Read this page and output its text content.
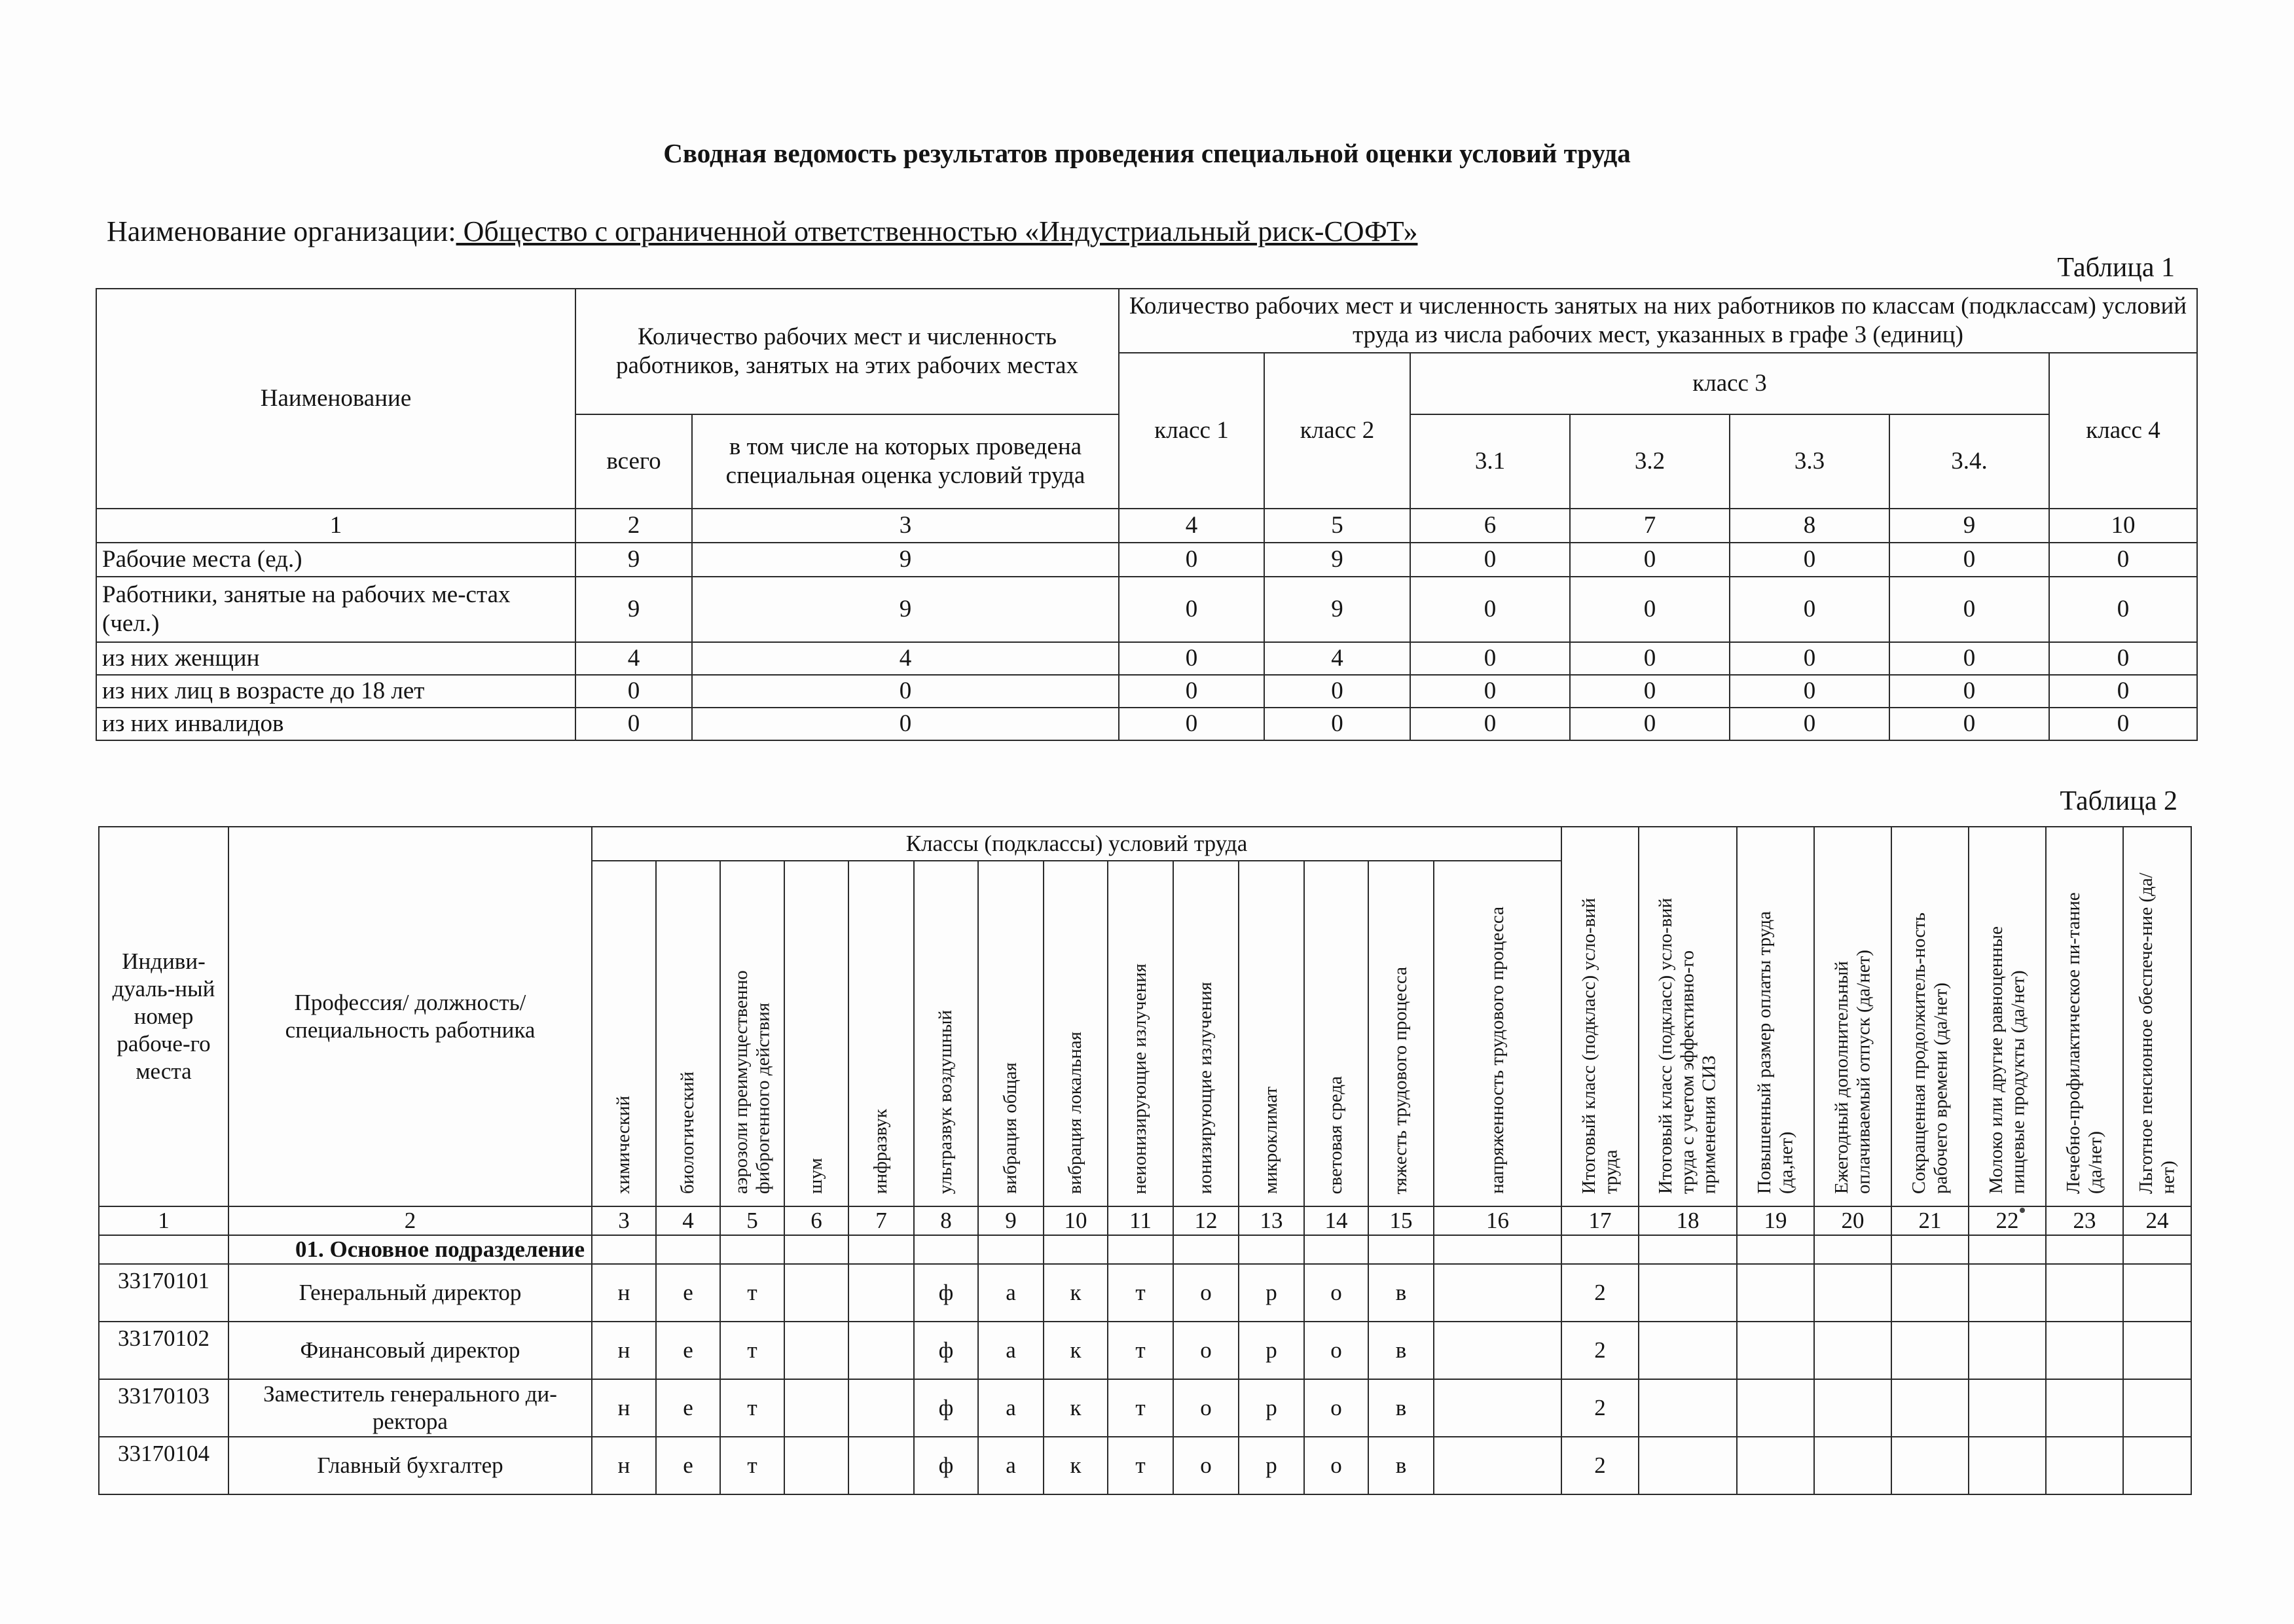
Сводная ведомость результатов проведения специальной оценки условий труда
Наименование организации: Общество с ограниченной ответственностью «Индустриальный риск-СОФТ»
Таблица 1
Наименование	Количество рабочих мест и численность работников, занятых на этих рабочих местах		Количество рабочих мест и численность занятых на них работников по классам (подклассам) условий труда из числа рабочих мест, указанных в графе 3 (единиц)						
			класс 1	класс 2	класс 3				класс 4
	всего	в том числе на которых проведена специальная оценка условий труда			3.1	3.2	3.3	3.4.	
1	2	3	4	5	6	7	8	9	10
Рабочие места (ед.)	9	9	0	9	0	0	0	0	0
Работники, занятые на рабочих ме-стах (чел.)	9	9	0	9	0	0	0	0	0
из них женщин	4	4	0	4	0	0	0	0	0
из них лиц в возрасте до 18 лет	0	0	0	0	0	0	0	0	0
из них инвалидов	0	0	0	0	0	0	0	0	0
Таблица 2
Индиви-дуаль-ный номер рабоче-го места	Профессия/ должность/ специальность работника	Классы (подклассы) условий труда														Итоговый класс (подкласс) усло-вий труда	Итоговый класс (подкласс) усло-вий труда с учетом эффективно-го применения СИЗ	Повышенный размер оплаты труда (да,нет)	Ежегодный дополнительный оплачиваемый отпуск (да/нет)	Сокращенная продолжитель-ность рабочего времени (да/нет)	Молоко или другие равноценные пищевые продукты (да/нет)	Лечебно-профилактическое пи-тание (да/нет)	Льготное пенсионное обеспече-ние (да/нет)
		химический	биологический	аэрозоли преимущественно фиброгенного действия	шум	инфразвук	ультразвук воздушный	вибрация общая	вибрация локальная	неионизирующие излучения	ионизирующие излучения	микроклимат	световая среда	тяжесть трудового процесса	напряженность трудового процесса								
1	2	3	4	5	6	7	8	9	10	11	12	13	14	15	16	17	18	19	20	21	22	23	24
	01. Основное подразделение																						
33170101	Генеральный директор	н	е	т			ф	а	к	т	о	р	о	в		2							
33170102	Финансовый директор	н	е	т			ф	а	к	т	о	р	о	в		2							
33170103	Заместитель генерального ди-ректора	н	е	т			ф	а	к	т	о	р	о	в		2							
33170104	Главный бухгалтер	н	е	т			ф	а	к	т	о	р	о	в		2							
